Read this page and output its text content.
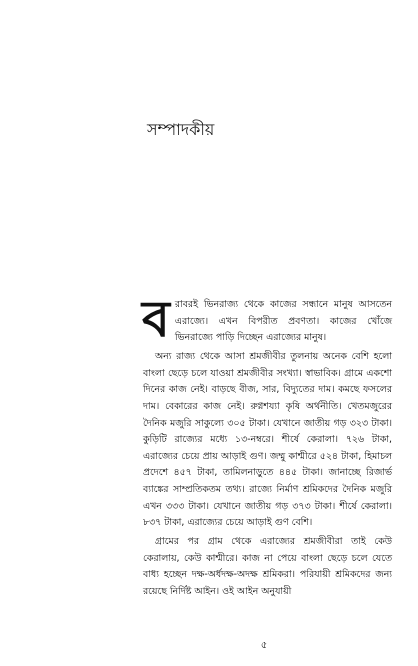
সম্পাদকীয়

বরাবরই ভিনরাজ্য থেকে কাজের সন্ধানে মানুষ আসতেন এরাজ্যে। এখন বিপরীত প্রবণতা। কাজের খোঁজে ভিনরাজ্যে পাড়ি দিচ্ছেন এরাজ্যের মানুষ।

অন্য রাজ্য থেকে আসা শ্রমজীবীর তুলনায় অনেক বেশি হলো বাংলা ছেড়ে চলে যাওয়া শ্রমজীবীর সংখ্যা। স্বাভাবিক। গ্রামে একশো দিনের কাজ নেই। বাড়ছে বীজ, সার, বিদ্যুতের দাম। কমছে ফসলের দাম। বেকারের কাজ নেই। রুগ্নশয্যা কৃষি অর্থনীতি। খেতমজুরের দৈনিক মজুরি সাকুল্যে ৩০৫ টাকা। যেখানে জাতীয় গড় ৩২৩ টাকা। কুড়িটি রাজ্যের মধ্যে ১৩-নম্বরে। শীর্ষে কেরালা। ৭২৬ টাকা, এরাজ্যের চেয়ে প্রায় আড়াই গুণ। জম্মু কাশ্মীরে ৫২৪ টাকা, হিমাচল প্রদেশে ৪৫৭ টাকা, তামিলনাড়ুতে ৪৪৫ টাকা। জানাচ্ছে রিজার্ভ ব্যাঙ্কের সাম্প্রতিকতম তথ্য। রাজ্যে নির্মাণ শ্রমিকদের দৈনিক মজুরি এখন ৩৩৩ টাকা। যেখানে জাতীয় গড় ৩৭৩ টাকা। শীর্ষে কেরালা। ৮৩৭ টাকা, এরাজ্যের চেয়ে আড়াই গুণ বেশি।

গ্রামের পর গ্রাম থেকে এরাজ্যের শ্রমজীবীরা তাই কেউ কেরালায়, কেউ কাশ্মীরে। কাজ না পেয়ে বাংলা ছেড়ে চলে যেতে বাধ্য হচ্ছেন দক্ষ-অর্ধদক্ষ-অদক্ষ শ্রমিকরা। পরিযায়ী শ্রমিকদের জন্য রয়েছে নির্দিষ্ট আইন। ওই আইন অনুযায়ী

৫
